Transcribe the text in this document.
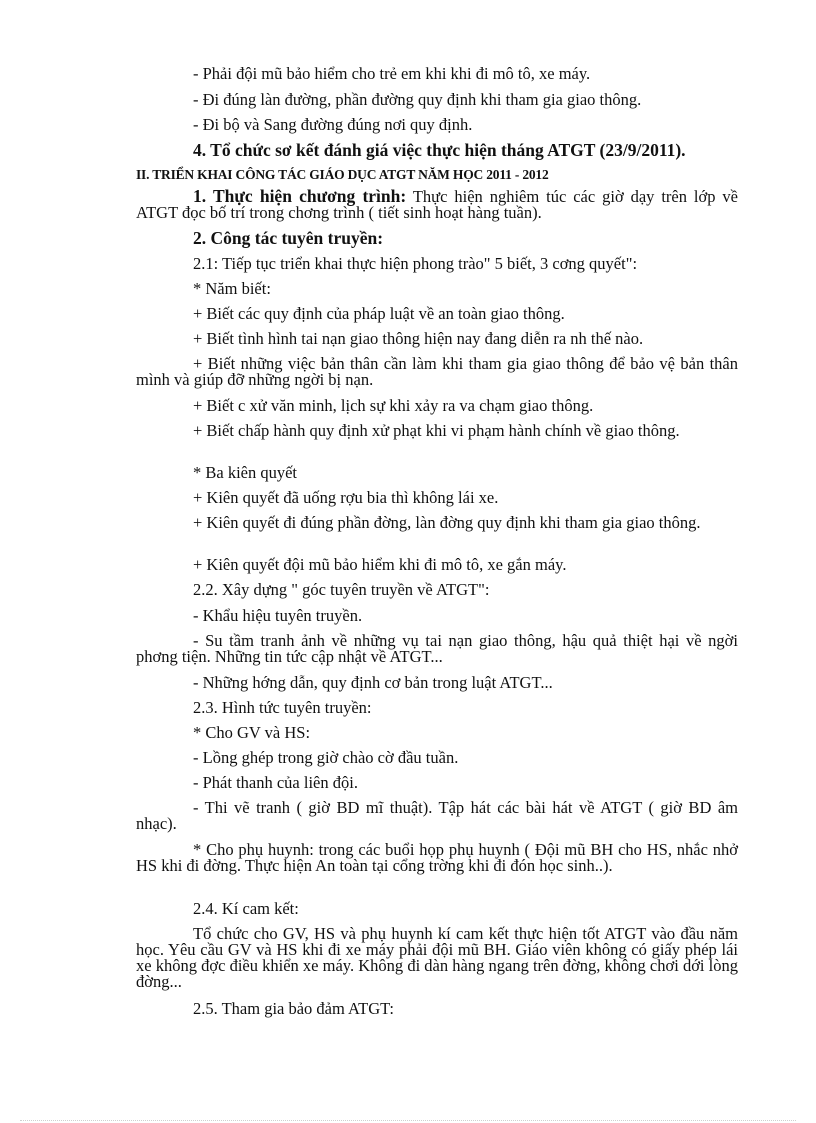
- Phải đội mũ bảo hiểm cho trẻ em khi khi đi mô tô, xe máy.
- Đi đúng làn đường, phần đường quy định khi tham gia giao thông.
- Đi bộ và Sang đường đúng nơi quy định.
4. Tổ chức sơ kết đánh giá việc thực hiện tháng ATGT (23/9/2011).
II. TRIỂN KHAI CÔNG TÁC GIÁO DỤC ATGT NĂM HỌC 2011 - 2012
1. Thực hiện chương trình: Thực hiện nghiêm túc các giờ dạy trên lớp về ATGT đọc bố trí trong chơng trình ( tiết sinh hoạt hàng tuần).
2. Công tác tuyên truyền:
2.1: Tiếp tục triển khai thực hiện phong trào" 5 biết, 3 cơng quyết":
* Năm biết:
+ Biết các quy định của pháp luật về an toàn giao thông.
+ Biết tình hình tai nạn giao thông hiện nay đang diễn ra nh thế nào.
+ Biết những việc bản thân cần làm khi tham gia giao thông để bảo vệ bản thân mình và giúp đỡ những ngời bị nạn.
+ Biết c xử văn minh, lịch sự khi xảy ra va chạm giao thông.
+ Biết chấp hành quy định xử phạt khi vi phạm hành chính về giao thông.
* Ba kiên quyết
+ Kiên quyết đã uống rợu bia thì không lái xe.
+ Kiên quyết đi đúng phần đờng, làn đờng quy định khi tham gia giao thông.
+ Kiên quyết đội mũ bảo hiểm khi đi mô tô, xe gắn máy.
2.2. Xây dựng " góc tuyên truyền về ATGT":
- Khẩu hiệu tuyên truyền.
- Su tầm tranh ảnh về những vụ tai nạn giao thông, hậu quả thiệt hại về ngời phơng tiện. Những tin tức cập nhật về ATGT...
- Những hớng dẫn, quy định cơ bản trong luật ATGT...
2.3. Hình tức tuyên truyền:
* Cho GV và HS:
- Lồng ghép trong giờ chào cờ đầu tuần.
- Phát thanh của liên đội.
- Thi vẽ tranh ( giờ BD mĩ thuật). Tập hát các bài hát về ATGT ( giờ BD âm nhạc).
* Cho phụ huynh: trong các buổi họp phụ huynh ( Đội mũ BH cho HS, nhắc nhở HS khi đi đờng. Thực hiện An toàn tại cổng trờng khi đi đón học sinh..).
2.4. Kí cam kết:
Tổ chức cho GV, HS và phụ huynh kí cam kết thực hiện tốt ATGT vào đầu năm học. Yêu cầu GV và HS khi đi xe máy phải đội mũ BH. Giáo viên không có giấy phép lái xe không đợc điều khiển xe máy. Không đi dàn hàng ngang trên đờng, không chơi dới lòng đờng...
2.5. Tham gia bảo đảm ATGT:
